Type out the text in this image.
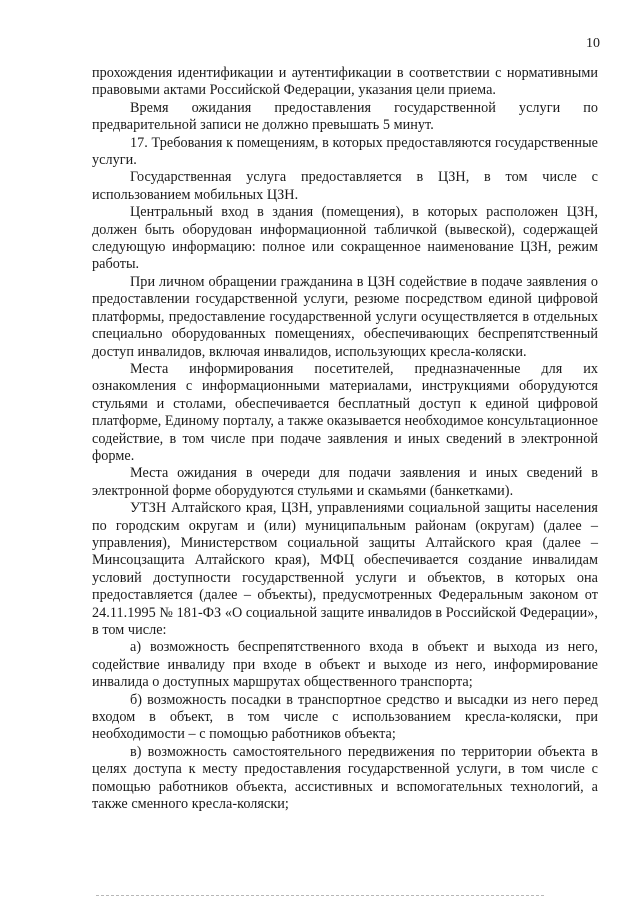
10

прохождения идентификации и аутентификации в соответствии с нормативными правовыми актами Российской Федерации, указания цели приема.

Время ожидания предоставления государственной услуги по предварительной записи не должно превышать 5 минут.

17. Требования к помещениям, в которых предоставляются государственные услуги.

Государственная услуга предоставляется в ЦЗН, в том числе с использованием мобильных ЦЗН.

Центральный вход в здания (помещения), в которых расположен ЦЗН, должен быть оборудован информационной табличкой (вывеской), содержащей следующую информацию: полное или сокращенное наименование ЦЗН, режим работы.

При личном обращении гражданина в ЦЗН содействие в подаче заявления о предоставлении государственной услуги, резюме посредством единой цифровой платформы, предоставление государственной услуги осуществляется в отдельных специально оборудованных помещениях, обеспечивающих беспрепятственный доступ инвалидов, включая инвалидов, использующих кресла-коляски.

Места информирования посетителей, предназначенные для их ознакомления с информационными материалами, инструкциями оборудуются стульями и столами, обеспечивается бесплатный доступ к единой цифровой платформе, Единому порталу, а также оказывается необходимое консультационное содействие, в том числе при подаче заявления и иных сведений в электронной форме.

Места ожидания в очереди для подачи заявления и иных сведений в электронной форме оборудуются стульями и скамьями (банкетками).

УТЗН Алтайского края, ЦЗН, управлениями социальной защиты населения по городским округам и (или) муниципальным районам (округам) (далее – управления), Министерством социальной защиты Алтайского края (далее – Минсоцзащита Алтайского края), МФЦ обеспечивается создание инвалидам условий доступности государственной услуги и объектов, в которых она предоставляется (далее – объекты), предусмотренных Федеральным законом от 24.11.1995 № 181-ФЗ «О социальной защите инвалидов в Российской Федерации», в том числе:

а) возможность беспрепятственного входа в объект и выхода из него, содействие инвалиду при входе в объект и выходе из него, информирование инвалида о доступных маршрутах общественного транспорта;

б) возможность посадки в транспортное средство и высадки из него перед входом в объект, в том числе с использованием кресла-коляски, при необходимости – с помощью работников объекта;

в) возможность самостоятельного передвижения по территории объекта в целях доступа к месту предоставления государственной услуги, в том числе с помощью работников объекта, ассистивных и вспомогательных технологий, а также сменного кресла-коляски;
